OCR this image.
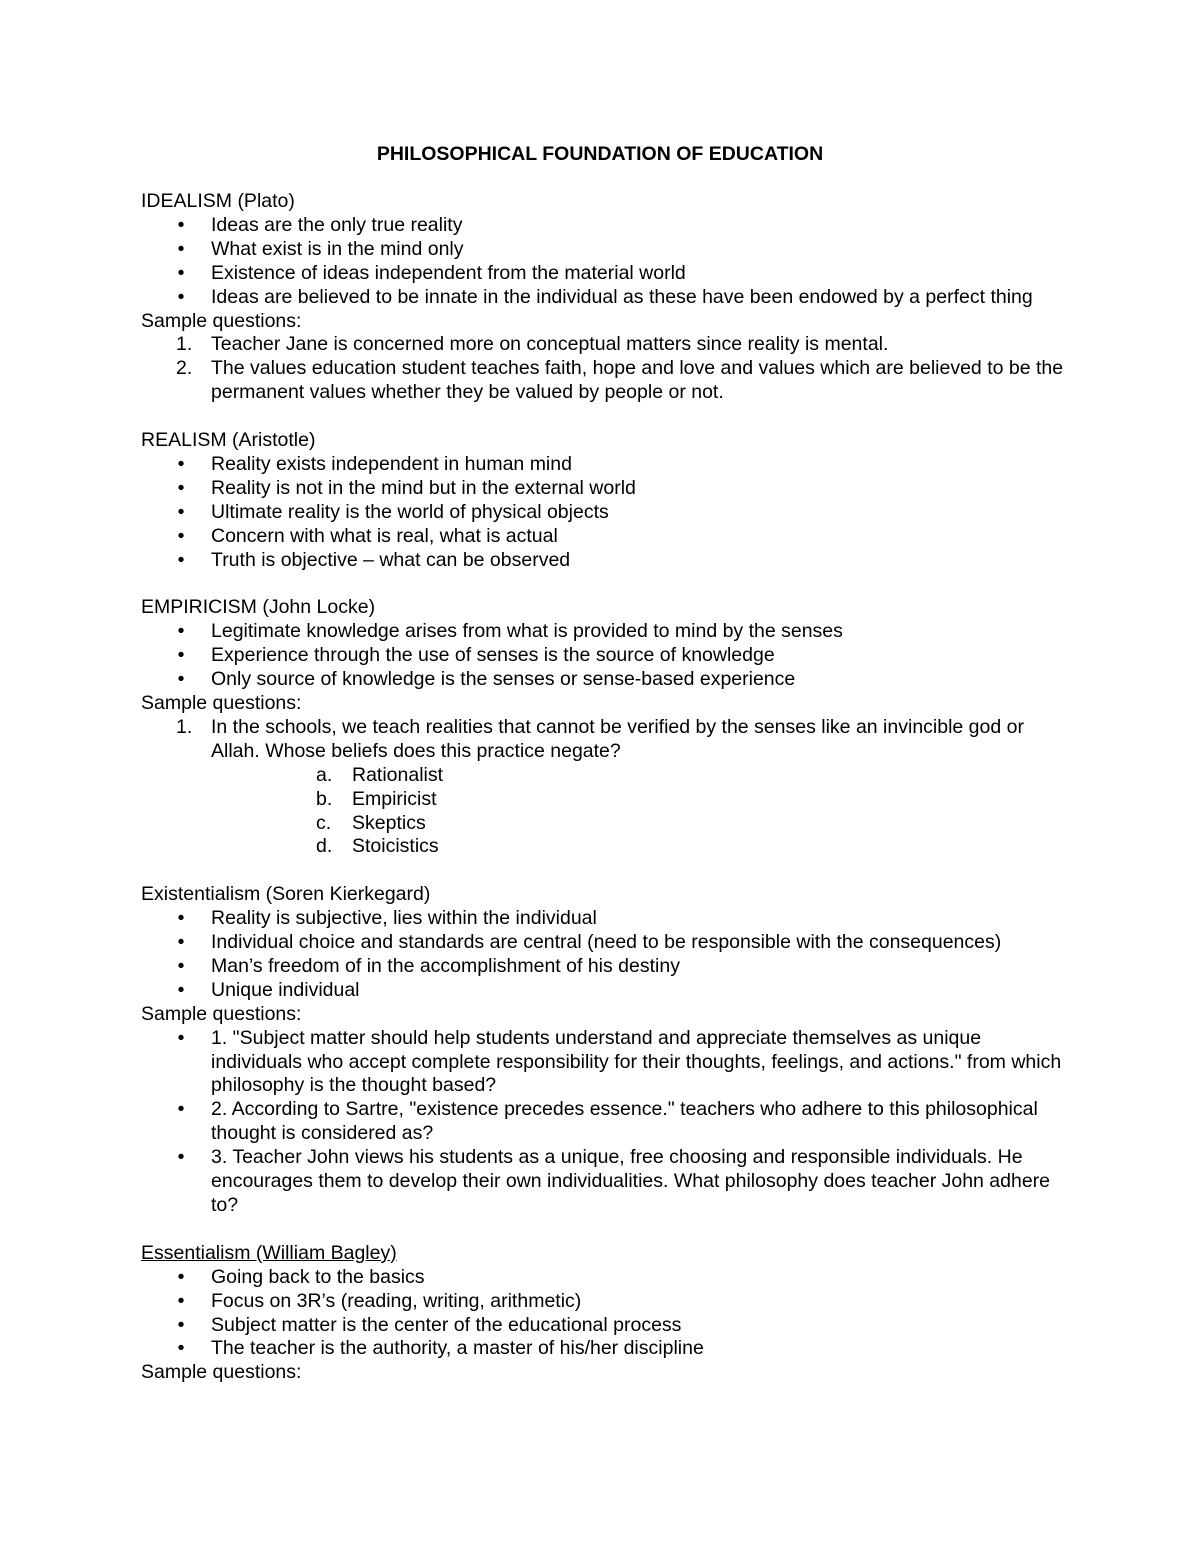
PHILOSOPHICAL FOUNDATION OF EDUCATION

IDEALISM (Plato)

• Ideas are the only true reality
• What exist is in the mind only
• Existence of ideas independent from the material world
• Ideas are believed to be innate in the individual as these have been endowed by a perfect thing

Sample questions:

1. Teacher Jane is concerned more on conceptual matters since reality is mental.
2. The values education student teaches faith, hope and love and values which are believed to be the permanent values whether they be valued by people or not.

REALISM (Aristotle)

• Reality exists independent in human mind
• Reality is not in the mind but in the external world
• Ultimate reality is the world of physical objects
• Concern with what is real, what is actual
• Truth is objective – what can be observed

EMPIRICISM (John Locke)

• Legitimate knowledge arises from what is provided to mind by the senses
• Experience through the use of senses is the source of knowledge
• Only source of knowledge is the senses or sense-based experience

Sample questions:

1. In the schools, we teach realities that cannot be verified by the senses like an invincible god or Allah. Whose beliefs does this practice negate?
a.	Rationalist
b.	Empiricist
c.	Skeptics
d.	Stoicistics

Existentialism (Soren Kierkegard)

• Reality is subjective, lies within the individual
• Individual choice and standards are central (need to be responsible with the consequences)
• Man’s freedom of in the accomplishment of his destiny
• Unique individual

Sample questions:

• 1. "Subject matter should help students understand and appreciate themselves as unique individuals who accept complete responsibility for their thoughts, feelings, and actions." from which philosophy is the thought based?
• 2. According to Sartre, "existence precedes essence." teachers who adhere to this philosophical thought is considered as?
• 3. Teacher John views his students as a unique, free choosing and responsible individuals. He encourages them to develop their own individualities. What philosophy does teacher John adhere to?

Essentialism (William Bagley)

• Going back to the basics
• Focus on 3R’s (reading, writing, arithmetic)
• Subject matter is the center of the educational process
• The teacher is the authority, a master of his/her discipline

Sample questions:
